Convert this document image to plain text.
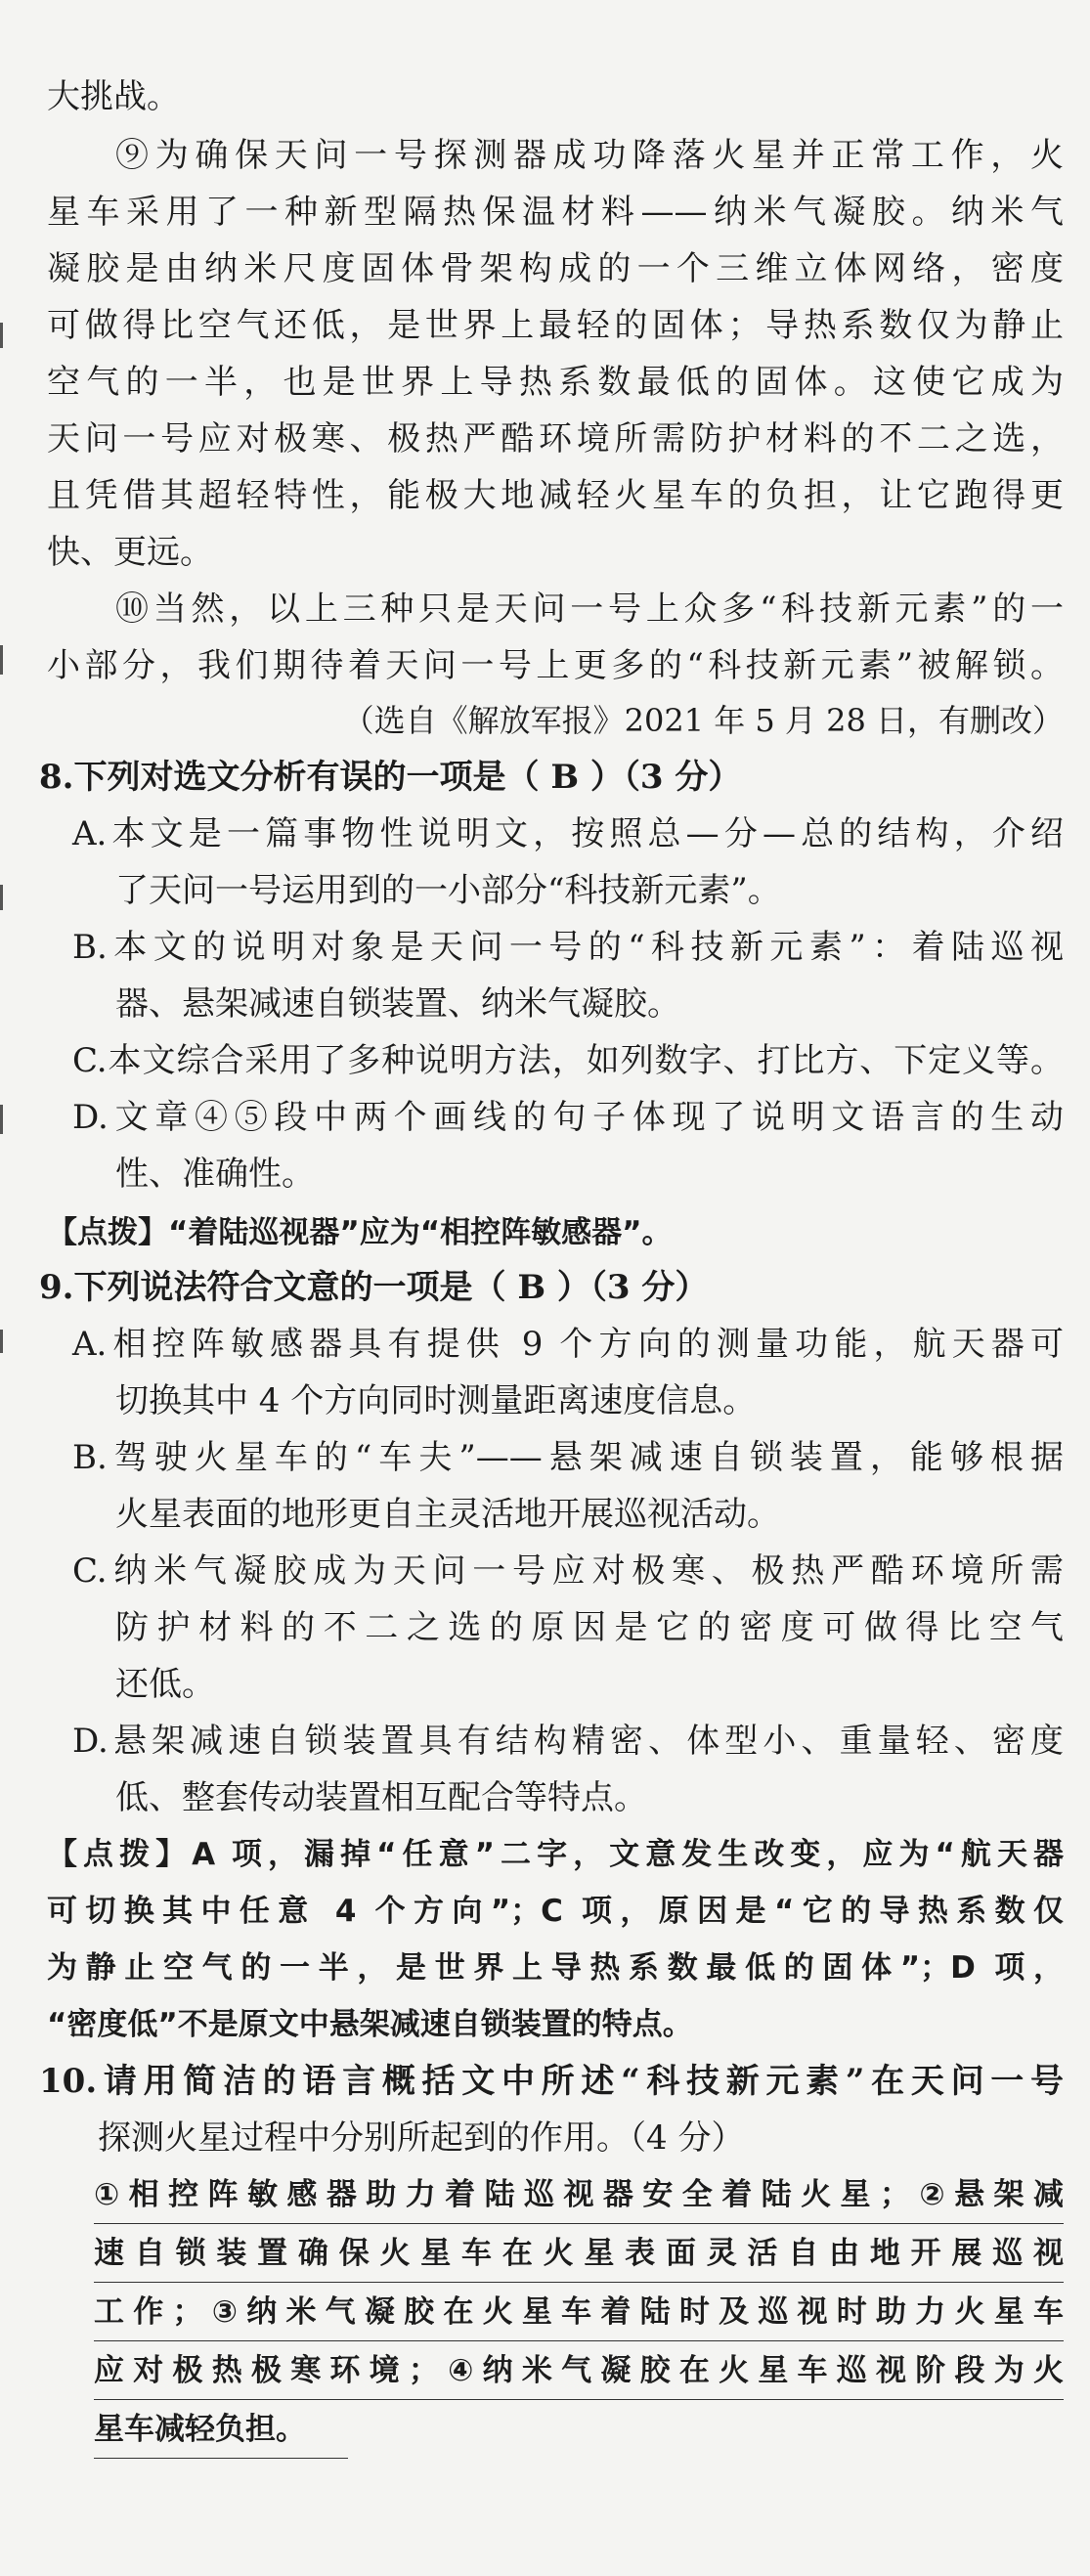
大挑战。
⑨为确保天问一号探测器成功降落火星并正常工作，火
星车采用了一种新型隔热保温材料——纳米气凝胶。纳米气
凝胶是由纳米尺度固体骨架构成的一个三维立体网络，密度
可做得比空气还低，是世界上最轻的固体；导热系数仅为静止
空气的一半，也是世界上导热系数最低的固体。这使它成为
天问一号应对极寒、极热严酷环境所需防护材料的不二之选，
且凭借其超轻特性，能极大地减轻火星车的负担，让它跑得更
快、更远。
⑩当然，以上三种只是天问一号上众多“科技新元素”的一
小部分，我们期待着天问一号上更多的“科技新元素”被解锁。
（选自《解放军报》2021 年 5 月 28 日，有删改）
8.下列对选文分析有误的一项是（ B ）（3 分）
A.本文是一篇事物性说明文，按照总—分—总的结构，介绍
了天问一号运用到的一小部分“科技新元素”。
B.本文的说明对象是天问一号的“科技新元素”：着陆巡视
器、悬架减速自锁装置、纳米气凝胶。
C.本文综合采用了多种说明方法，如列数字、打比方、下定义等。
D.文章④⑤段中两个画线的句子体现了说明文语言的生动
性、准确性。
【点拨】“着陆巡视器”应为“相控阵敏感器”。
9.下列说法符合文意的一项是（ B ）（3 分）
A.相控阵敏感器具有提供 9 个方向的测量功能，航天器可
切换其中 4 个方向同时测量距离速度信息。
B.驾驶火星车的“车夫”——悬架减速自锁装置，能够根据
火星表面的地形更自主灵活地开展巡视活动。
C.纳米气凝胶成为天问一号应对极寒、极热严酷环境所需
防护材料的不二之选的原因是它的密度可做得比空气
还低。
D.悬架减速自锁装置具有结构精密、体型小、重量轻、密度
低、整套传动装置相互配合等特点。
【点拨】A 项，漏掉“任意”二字，文意发生改变，应为“航天器
可切换其中任意 4 个方向”；C 项，原因是“它的导热系数仅
为静止空气的一半，是世界上导热系数最低的固体”；D 项，
“密度低”不是原文中悬架减速自锁装置的特点。
10.请用简洁的语言概括文中所述“科技新元素”在天问一号
探测火星过程中分别所起到的作用。（4 分）
①相控阵敏感器助力着陆巡视器安全着陆火星；②悬架减
速自锁装置确保火星车在火星表面灵活自由地开展巡视
工作；③纳米气凝胶在火星车着陆时及巡视时助力火星车
应对极热极寒环境；④纳米气凝胶在火星车巡视阶段为火
星车减轻负担。
